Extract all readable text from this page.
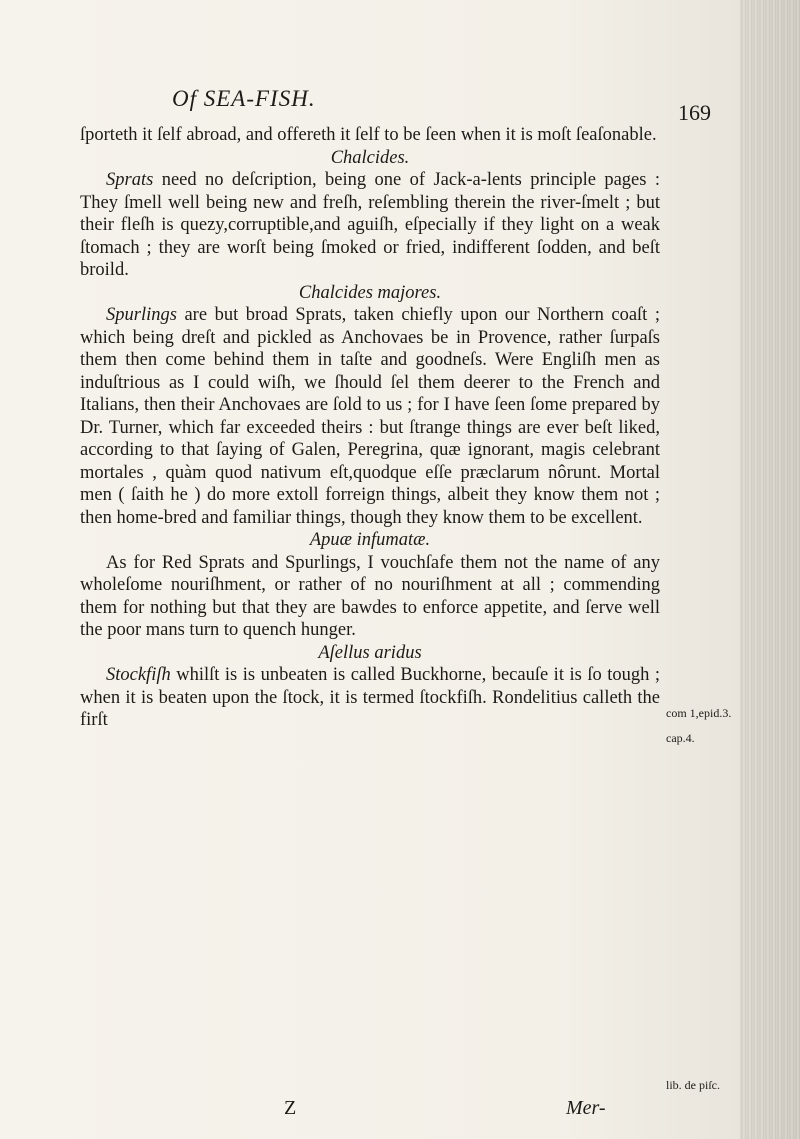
Of SEA-FISH.
169

ſporteth it ſelf abroad, and offereth it ſelf to be ſeen when it is moſt ſeaſonable.

Chalcides.

Sprats need no deſcription, being one of Jack-a-lents principle pages : They ſmell well being new and freſh, reſembling therein the river-ſmelt ; but their fleſh is quezy,corruptible,and aguiſh, eſpecially if they light on a weak ſtomach ; they are worſt being ſmoked or fried, indifferent ſodden, and beſt broild.

Chalcides majores.

Spurlings are but broad Sprats, taken chiefly upon our Northern coaſt ; which being dreſt and pickled as Anchovaes be in Provence, rather ſurpaſs them then come behind them in taſte and goodneſs. Were Engliſh men as induſtrious as I could wiſh, we ſhould ſel them deerer to the French and Italians, then their Anchovaes are ſold to us ; for I have ſeen ſome prepared by Dr. Turner, which far exceeded theirs : but ſtrange things are ever beſt liked, according to that ſaying of Galen, Peregrina, quæ ignorant, magis celebrant mortales , quàm quod nativum eſt,quodque eſſe præclarum nôrunt. Mortal men ( ſaith he ) do more extoll forreign things, albeit they know them not ; then home-bred and familiar things, though they know them to be excellent.

Apuæ infumatæ.

As for Red Sprats and Spurlings, I vouchſafe them not the name of any wholeſome nouriſhment, or rather of no nouriſhment at all ; commending them for nothing but that they are bawdes to enforce appetite, and ſerve well the poor mans turn to quench hunger.

Aſellus aridus

Stockfiſh whilſt is is unbeaten is called Buckhorne, becauſe it is ſo tough ; when it is beaten upon the ſtock, it is termed ſtockfiſh. Rondelitius calleth the firſt	com 1,epid.3.
cap.4.
lib. de piſc.
Z	Mer-
